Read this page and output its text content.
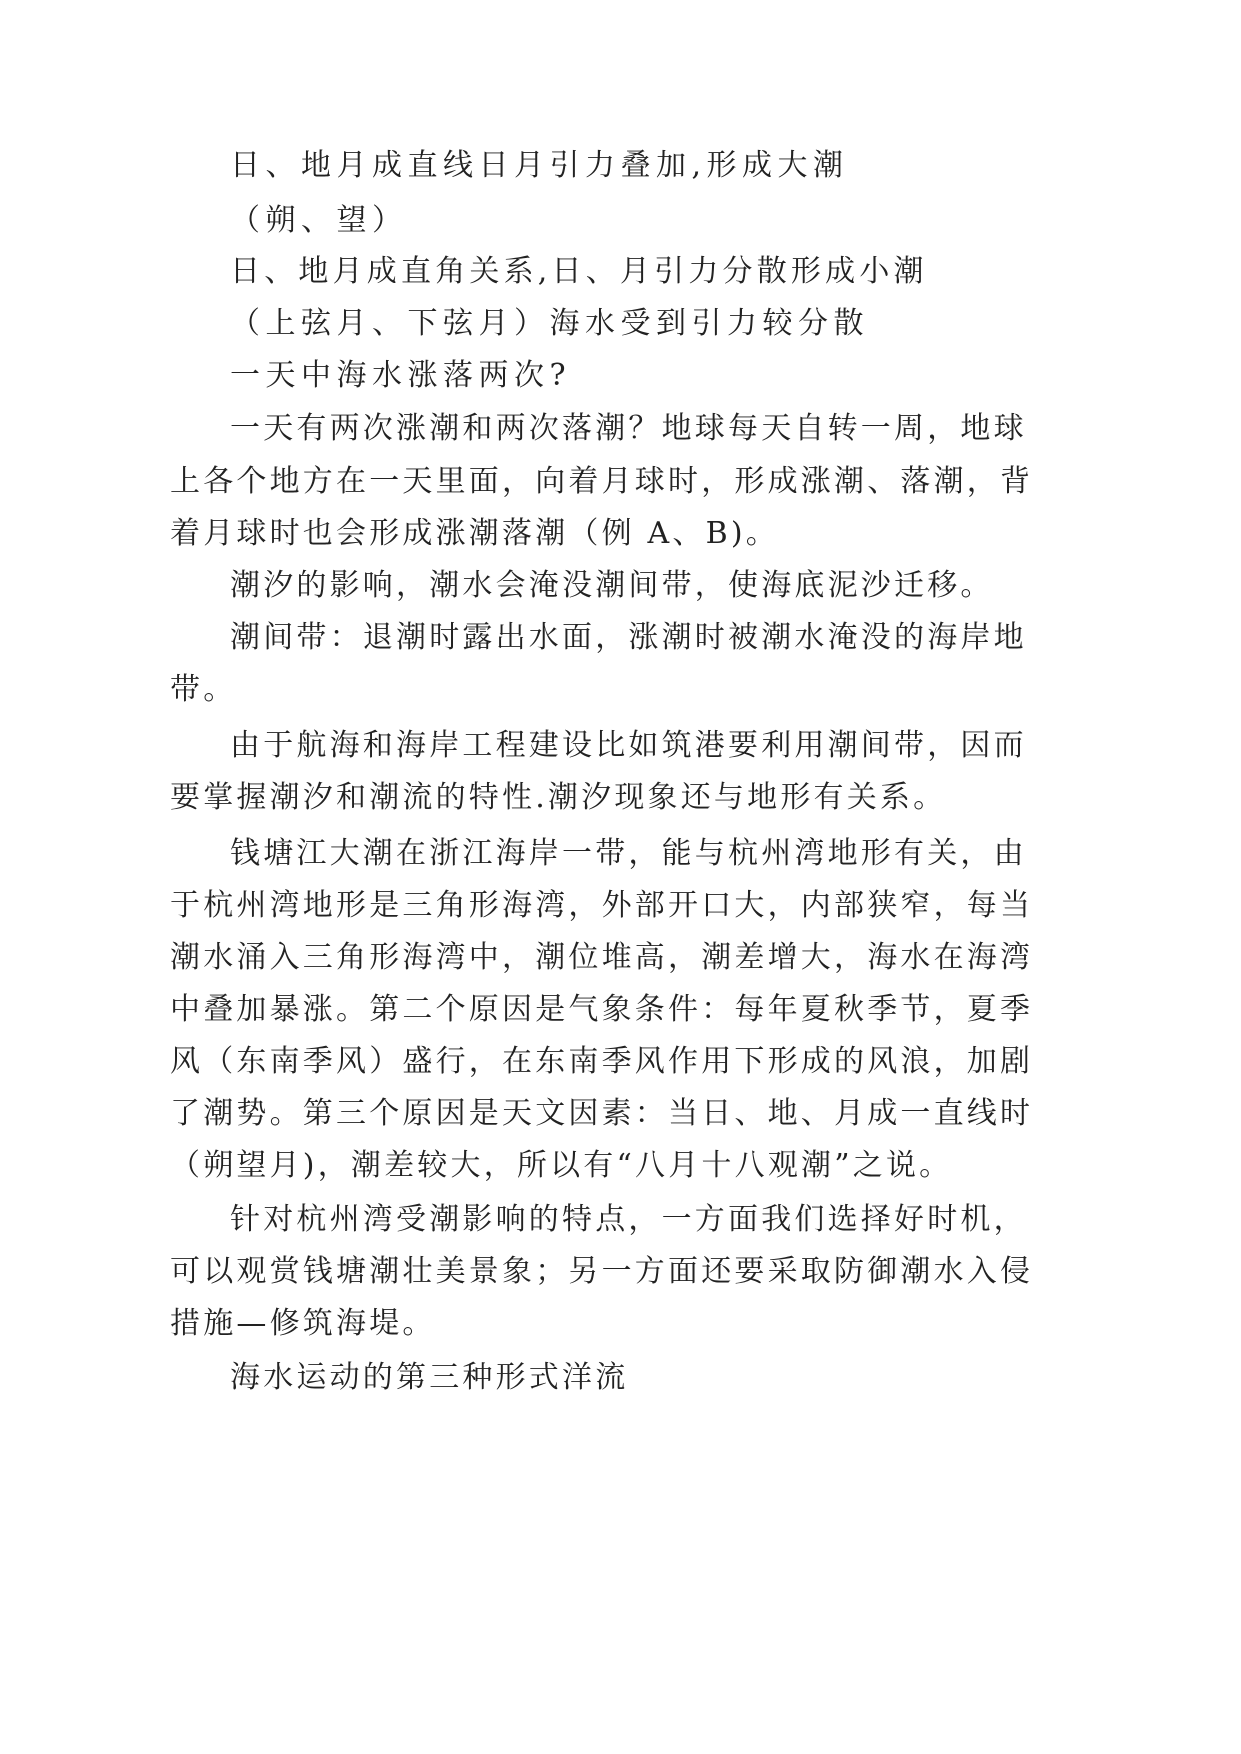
日、地月成直线日月引力叠加,形成大潮
（朔、望）
日、地月成直角关系,日、月引力分散形成小潮
（上弦月、下弦月）海水受到引力较分散
一天中海水涨落两次?
一天有两次涨潮和两次落潮？地球每天自转一周，地球
上各个地方在一天里面，向着月球时，形成涨潮、落潮，背
着月球时也会形成涨潮落潮（例 A、B)。
潮汐的影响，潮水会淹没潮间带，使海底泥沙迁移。
潮间带：退潮时露出水面，涨潮时被潮水淹没的海岸地
带。
由于航海和海岸工程建设比如筑港要利用潮间带，因而
要掌握潮汐和潮流的特性.潮汐现象还与地形有关系。
钱塘江大潮在浙江海岸一带，能与杭州湾地形有关，由
于杭州湾地形是三角形海湾，外部开口大，内部狭窄，每当
潮水涌入三角形海湾中，潮位堆高，潮差增大，海水在海湾
中叠加暴涨。第二个原因是气象条件：每年夏秋季节，夏季
风（东南季风）盛行，在东南季风作用下形成的风浪，加剧
了潮势。第三个原因是天文因素：当日、地、月成一直线时
（朔望月)，潮差较大，所以有“八月十八观潮”之说。
针对杭州湾受潮影响的特点，一方面我们选择好时机，
可以观赏钱塘潮壮美景象；另一方面还要采取防御潮水入侵
措施—修筑海堤。
海水运动的第三种形式洋流
